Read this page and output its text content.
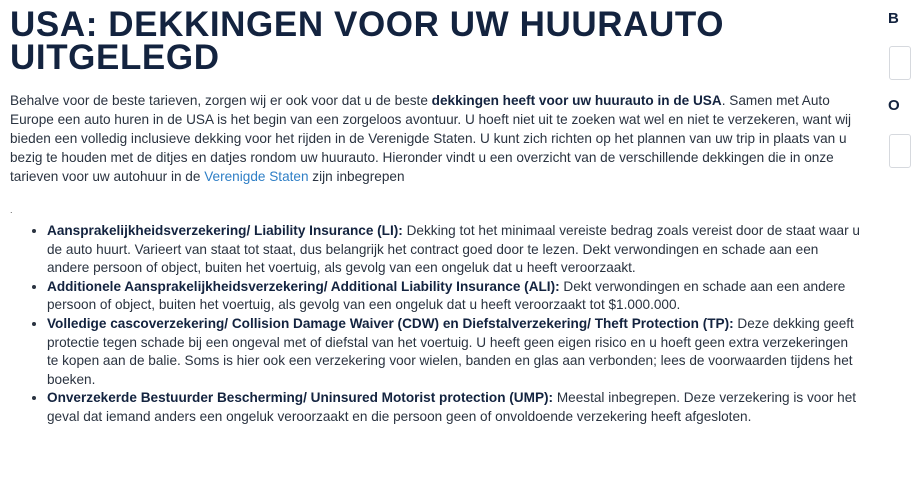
USA: DEKKINGEN VOOR UW HUURAUTO UITGELEGD

Behalve voor de beste tarieven, zorgen wij er ook voor dat u de beste dekkingen heeft voor uw huurauto in de USA. Samen met Auto Europe een auto huren in de USA is het begin van een zorgeloos avontuur. U hoeft niet uit te zoeken wat wel en niet te verzekeren, want wij bieden een volledig inclusieve dekking voor het rijden in de Verenigde Staten. U kunt zich richten op het plannen van uw trip in plaats van u bezig te houden met de ditjes en datjes rondom uw huurauto. Hieronder vindt u een overzicht van de verschillende dekkingen die in onze tarieven voor uw autohuur in de Verenigde Staten zijn inbegrepen

.
• Aansprakelijkheidsverzekering/ Liability Insurance (LI): Dekking tot het minimaal vereiste bedrag zoals vereist door de staat waar u de auto huurt. Varieert van staat tot staat, dus belangrijk het contract goed door te lezen. Dekt verwondingen en schade aan een andere persoon of object, buiten het voertuig, als gevolg van een ongeluk dat u heeft veroorzaakt.
• Additionele Aansprakelijkheidsverzekering/ Additional Liability Insurance (ALI): Dekt verwondingen en schade aan een andere persoon of object, buiten het voertuig, als gevolg van een ongeluk dat u heeft veroorzaakt tot $1.000.000.
• Volledige cascoverzekering/ Collision Damage Waiver (CDW) en Diefstalverzekering/ Theft Protection (TP): Deze dekking geeft protectie tegen schade bij een ongeval met of diefstal van het voertuig. U heeft geen eigen risico en u hoeft geen extra verzekeringen te kopen aan de balie. Soms is hier ook een verzekering voor wielen, banden en glas aan verbonden; lees de voorwaarden tijdens het boeken.
• Onverzekerde Bestuurder Bescherming/ Uninsured Motorist protection (UMP): Meestal inbegrepen. Deze verzekering is voor het geval dat iemand anders een ongeluk veroorzaakt en die persoon geen of onvoldoende verzekering heeft afgesloten.
B
O
